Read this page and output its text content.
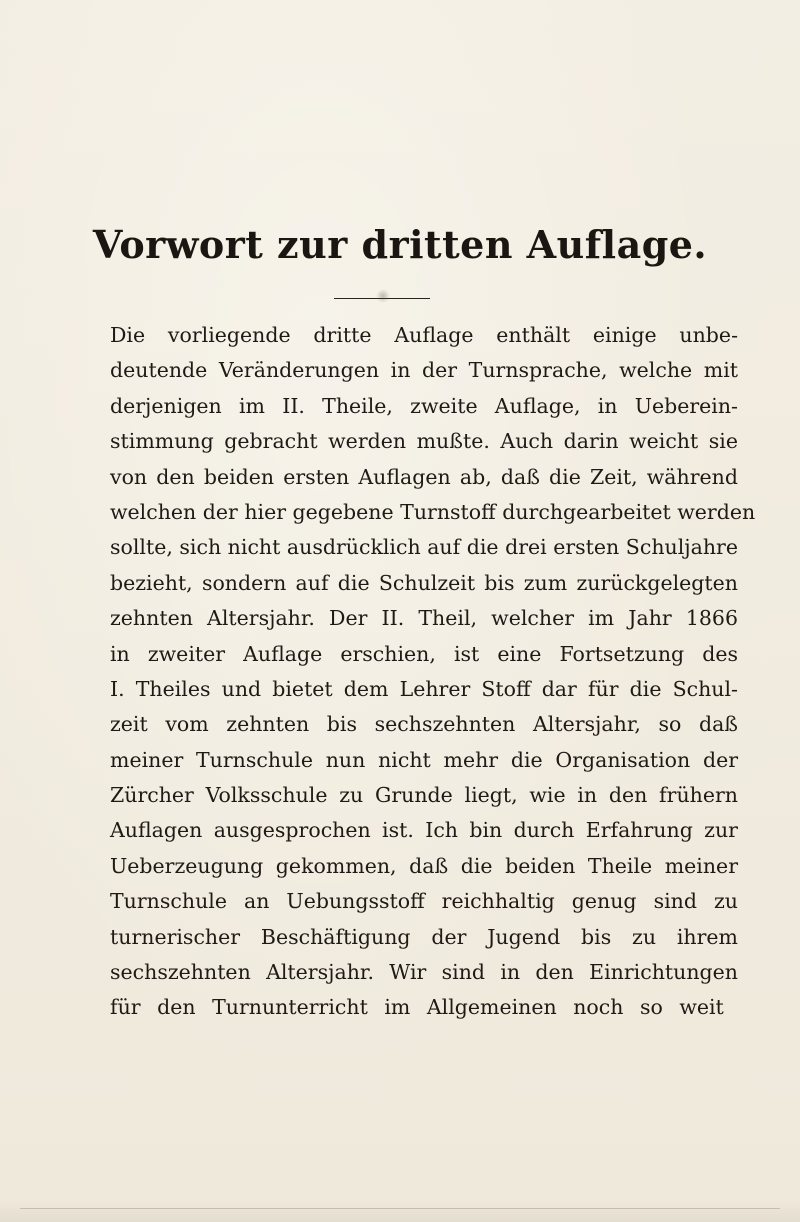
Vorwort zur dritten Auflage.
Die vorliegende dritte Auflage enthält einige unbe-
deutende Veränderungen in der Turnsprache, welche mit
derjenigen im II. Theile, zweite Auflage, in Ueberein-
stimmung gebracht werden mußte. Auch darin weicht sie
von den beiden ersten Auflagen ab, daß die Zeit, während
welchen der hier gegebene Turnstoff durchgearbeitet werden
sollte, sich nicht ausdrücklich auf die drei ersten Schuljahre
bezieht, sondern auf die Schulzeit bis zum zurückgelegten
zehnten Altersjahr. Der II. Theil, welcher im Jahr 1866
in zweiter Auflage erschien, ist eine Fortsetzung des
I. Theiles und bietet dem Lehrer Stoff dar für die Schul-
zeit vom zehnten bis sechszehnten Altersjahr, so daß
meiner Turnschule nun nicht mehr die Organisation der
Zürcher Volksschule zu Grunde liegt, wie in den frühern
Auflagen ausgesprochen ist. Ich bin durch Erfahrung zur
Ueberzeugung gekommen, daß die beiden Theile meiner
Turnschule an Uebungsstoff reichhaltig genug sind zu
turnerischer Beschäftigung der Jugend bis zu ihrem
sechszehnten Altersjahr. Wir sind in den Einrichtungen
für den Turnunterricht im Allgemeinen noch so weit
